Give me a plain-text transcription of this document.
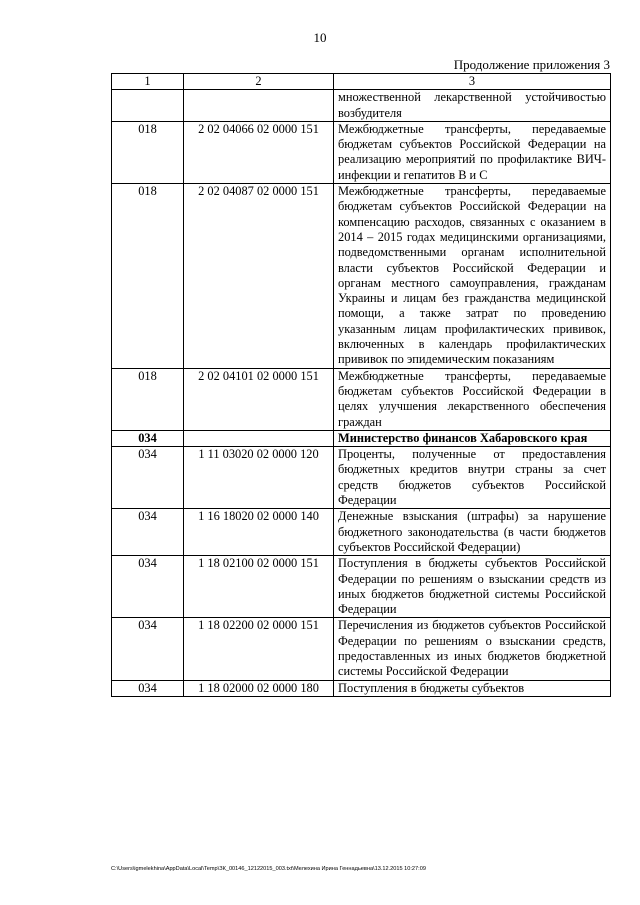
10
Продолжение приложения 3
1	2	3
		множественной лекарственной устойчивостью возбудителя
018	2 02 04066 02 0000 151	Межбюджетные трансферты, передаваемые бюджетам субъектов Российской Федерации на реализацию мероприятий по профилактике ВИЧ-инфекции и гепатитов В и С
018	2 02 04087 02 0000 151	Межбюджетные трансферты, передаваемые бюджетам субъектов Российской Федерации на компенсацию расходов, связанных с оказанием в 2014 – 2015 годах медицинскими организациями, подведомственными органам исполнительной власти субъектов Российской Федерации и органам местного самоуправления, гражданам Украины и лицам без гражданства медицинской помощи, а также затрат по проведению указанным лицам профилактических прививок, включенных в календарь профилактических прививок по эпидемическим показаниям
018	2 02 04101 02 0000 151	Межбюджетные трансферты, передаваемые бюджетам субъектов Российской Федерации в целях улучшения лекарственного обеспечения граждан
034		Министерство финансов Хабаровского края
034	1 11 03020 02 0000 120	Проценты, полученные от предоставления бюджетных кредитов внутри страны за счет средств бюджетов субъектов Российской Федерации
034	1 16 18020 02 0000 140	Денежные взыскания (штрафы) за нарушение бюджетного законодательства (в части бюджетов субъектов Российской Федерации)
034	1 18 02100 02 0000 151	Поступления в бюджеты субъектов Российской Федерации по решениям о взыскании средств из иных бюджетов бюджетной системы Российской Федерации
034	1 18 02200 02 0000 151	Перечисления из бюджетов субъектов Российской Федерации по решениям о взыскании средств, предоставленных из иных бюджетов бюджетной системы Российской Федерации
034	1 18 02000 02 0000 180	Поступления в бюджеты субъектов
C:\Users\igmelekhina\AppData\Local\Temp\ЗК_00146_12122015_003.txt\Мелехина Ирина Геннадьевна\13.12.2015 10:27:09
